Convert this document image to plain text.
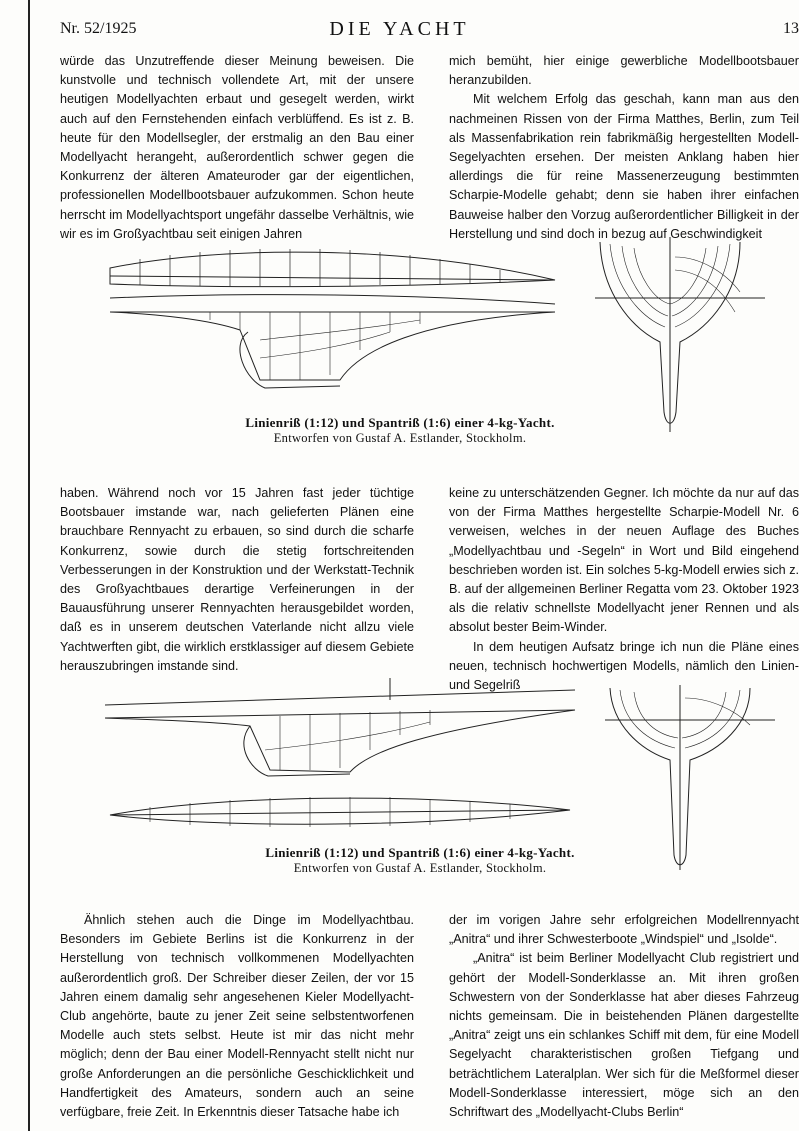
Nr. 52/1925	DIE YACHT	13

würde das Unzutreffende dieser Meinung beweisen. Die kunstvolle und technisch vollendete Art, mit der unsere heutigen Modellyachten erbaut und gesegelt werden, wirkt auch auf den Fernstehenden einfach verblüffend. Es ist z. B. heute für den Modellsegler, der erstmalig an den Bau einer Modellyacht herangeht, außerordentlich schwer gegen die Konkurrenz der älteren Amateuroder gar der eigentlichen, professionellen Modellbootsbauer aufzukommen. Schon heute herrscht im Modellyachtsport ungefähr dasselbe Verhältnis, wie wir es im Großyachtbau seit einigen Jahren

mich bemüht, hier einige gewerbliche Modellbootsbauer heranzubilden.

Mit welchem Erfolg das geschah, kann man aus den nachmeinen Rissen von der Firma Matthes, Berlin, zum Teil als Massenfabrikation rein fabrikmäßig hergestellten Modell-Segelyachten ersehen. Der meisten Anklang haben hier allerdings die für reine Massenerzeugung bestimmten Scharpie-Modelle gehabt; denn sie haben ihrer einfachen Bauweise halber den Vorzug außerordentlicher Billigkeit in der Herstellung und sind doch in bezug auf Geschwindigkeit

Linienriß (1:12) und Spantriß (1:6) einer 4-kg-Yacht.
Entworfen von Gustaf A. Estlander, Stockholm.

haben. Während noch vor 15 Jahren fast jeder tüchtige Bootsbauer imstande war, nach gelieferten Plänen eine brauchbare Rennyacht zu erbauen, so sind durch die scharfe Konkurrenz, sowie durch die stetig fortschreitenden Verbesserungen in der Konstruktion und der Werkstatt-Technik des Großyachtbaues derartige Verfeinerungen in der Bauausführung unserer Rennyachten herausgebildet worden, daß es in unserem deutschen Vaterlande nicht allzu viele Yachtwerften gibt, die wirklich erstklassiger auf diesem Gebiete herauszubringen imstande sind.

keine zu unterschätzenden Gegner. Ich möchte da nur auf das von der Firma Matthes hergestellte Scharpie-Modell Nr. 6 verweisen, welches in der neuen Auflage des Buches „Modellyachtbau und -Segeln“ in Wort und Bild eingehend beschrieben worden ist. Ein solches 5-kg-Modell erwies sich z. B. auf der allgemeinen Berliner Regatta vom 23. Oktober 1923 als die relativ schnellste Modellyacht jener Rennen und als absolut bester Beim-Winder.

In dem heutigen Aufsatz bringe ich nun die Pläne eines neuen, technisch hochwertigen Modells, nämlich den Linien- und Segelriß

Linienriß (1:12) und Spantriß (1:6) einer 4-kg-Yacht.
Entworfen von Gustaf A. Estlander, Stockholm.

Ähnlich stehen auch die Dinge im Modellyachtbau. Besonders im Gebiete Berlins ist die Konkurrenz in der Herstellung von technisch vollkommenen Modellyachten außerordentlich groß. Der Schreiber dieser Zeilen, der vor 15 Jahren einem damalig sehr angesehenen Kieler Modellyacht-Club angehörte, baute zu jener Zeit seine selbstentworfenen Modelle auch stets selbst. Heute ist mir das nicht mehr möglich; denn der Bau einer Modell-Rennyacht stellt nicht nur große Anforderungen an die persönliche Geschicklichkeit und Handfertigkeit des Amateurs, sondern auch an seine verfügbare, freie Zeit. In Erkenntnis dieser Tatsache habe ich

der im vorigen Jahre sehr erfolgreichen Modellrennyacht „Anitra“ und ihrer Schwesterboote „Windspiel“ und „Isolde“.

„Anitra“ ist beim Berliner Modellyacht Club registriert und gehört der Modell-Sonderklasse an. Mit ihren großen Schwestern von der Sonderklasse hat aber dieses Fahrzeug nichts gemeinsam. Die in beistehenden Plänen dargestellte „Anitra“ zeigt uns ein schlankes Schiff mit dem, für eine Modell Segelyacht charakteristischen großen Tiefgang und beträchtlichem Lateralplan. Wer sich für die Meßformel dieser Modell-Sonderklasse interessiert, möge sich an den Schriftwart des „Modellyacht-Clubs Berlin“
